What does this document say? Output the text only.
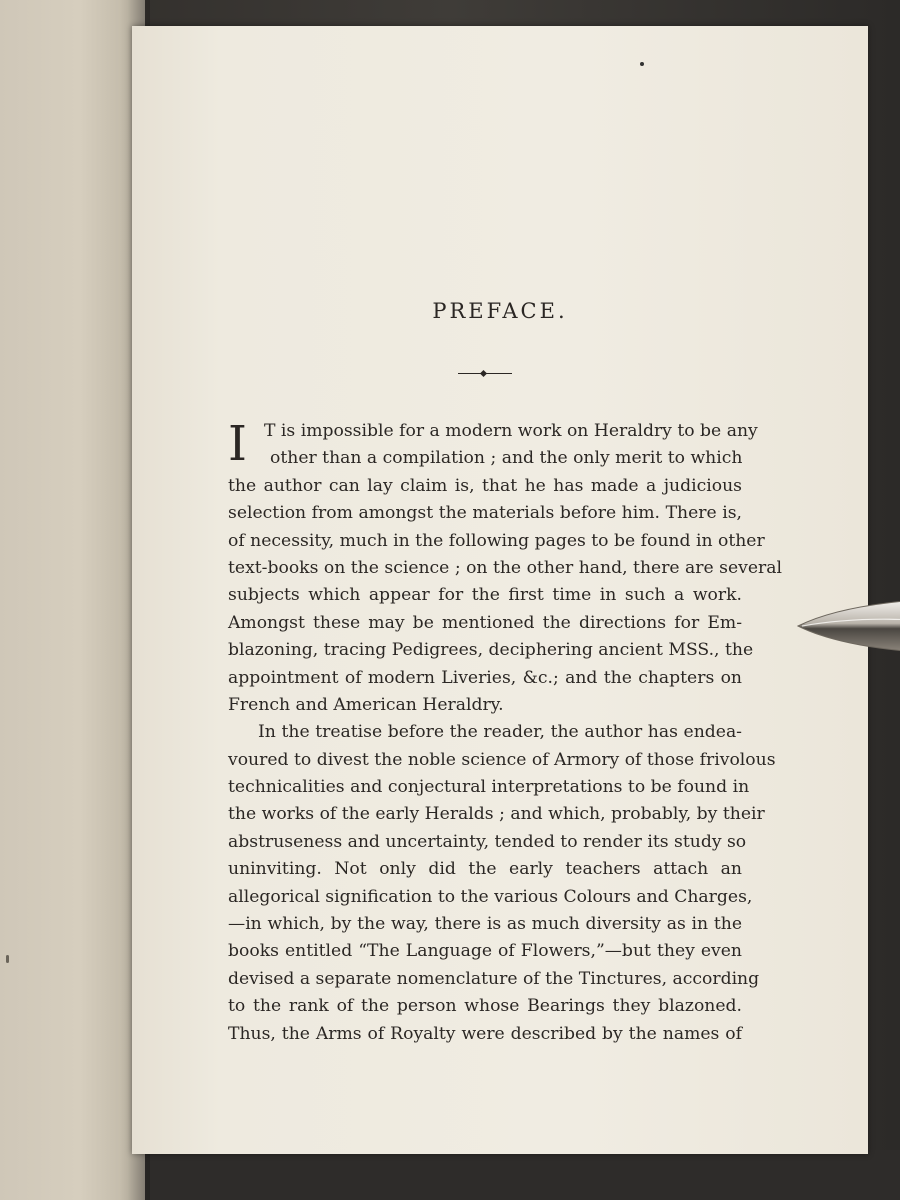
PREFACE.
I T is impossible for a modern work on Heraldry to be any
other than a compilation ; and the only merit to which
the author can lay claim is, that he has made a judicious
selection from amongst the materials before him. There is,
of necessity, much in the following pages to be found in other
text-books on the science ; on the other hand, there are several
subjects which appear for the first time in such a work.
Amongst these may be mentioned the directions for Em-
blazoning, tracing Pedigrees, deciphering ancient MSS., the
appointment of modern Liveries, &c.; and the chapters on
French and American Heraldry.
In the treatise before the reader, the author has endea-
voured to divest the noble science of Armory of those frivolous
technicalities and conjectural interpretations to be found in
the works of the early Heralds ; and which, probably, by their
abstruseness and uncertainty, tended to render its study so
uninviting. Not only did the early teachers attach an
allegorical signification to the various Colours and Charges,
—in which, by the way, there is as much diversity as in the
books entitled “The Language of Flowers,”—but they even
devised a separate nomenclature of the Tinctures, according
to the rank of the person whose Bearings they blazoned.
Thus, the Arms of Royalty were described by the names of
